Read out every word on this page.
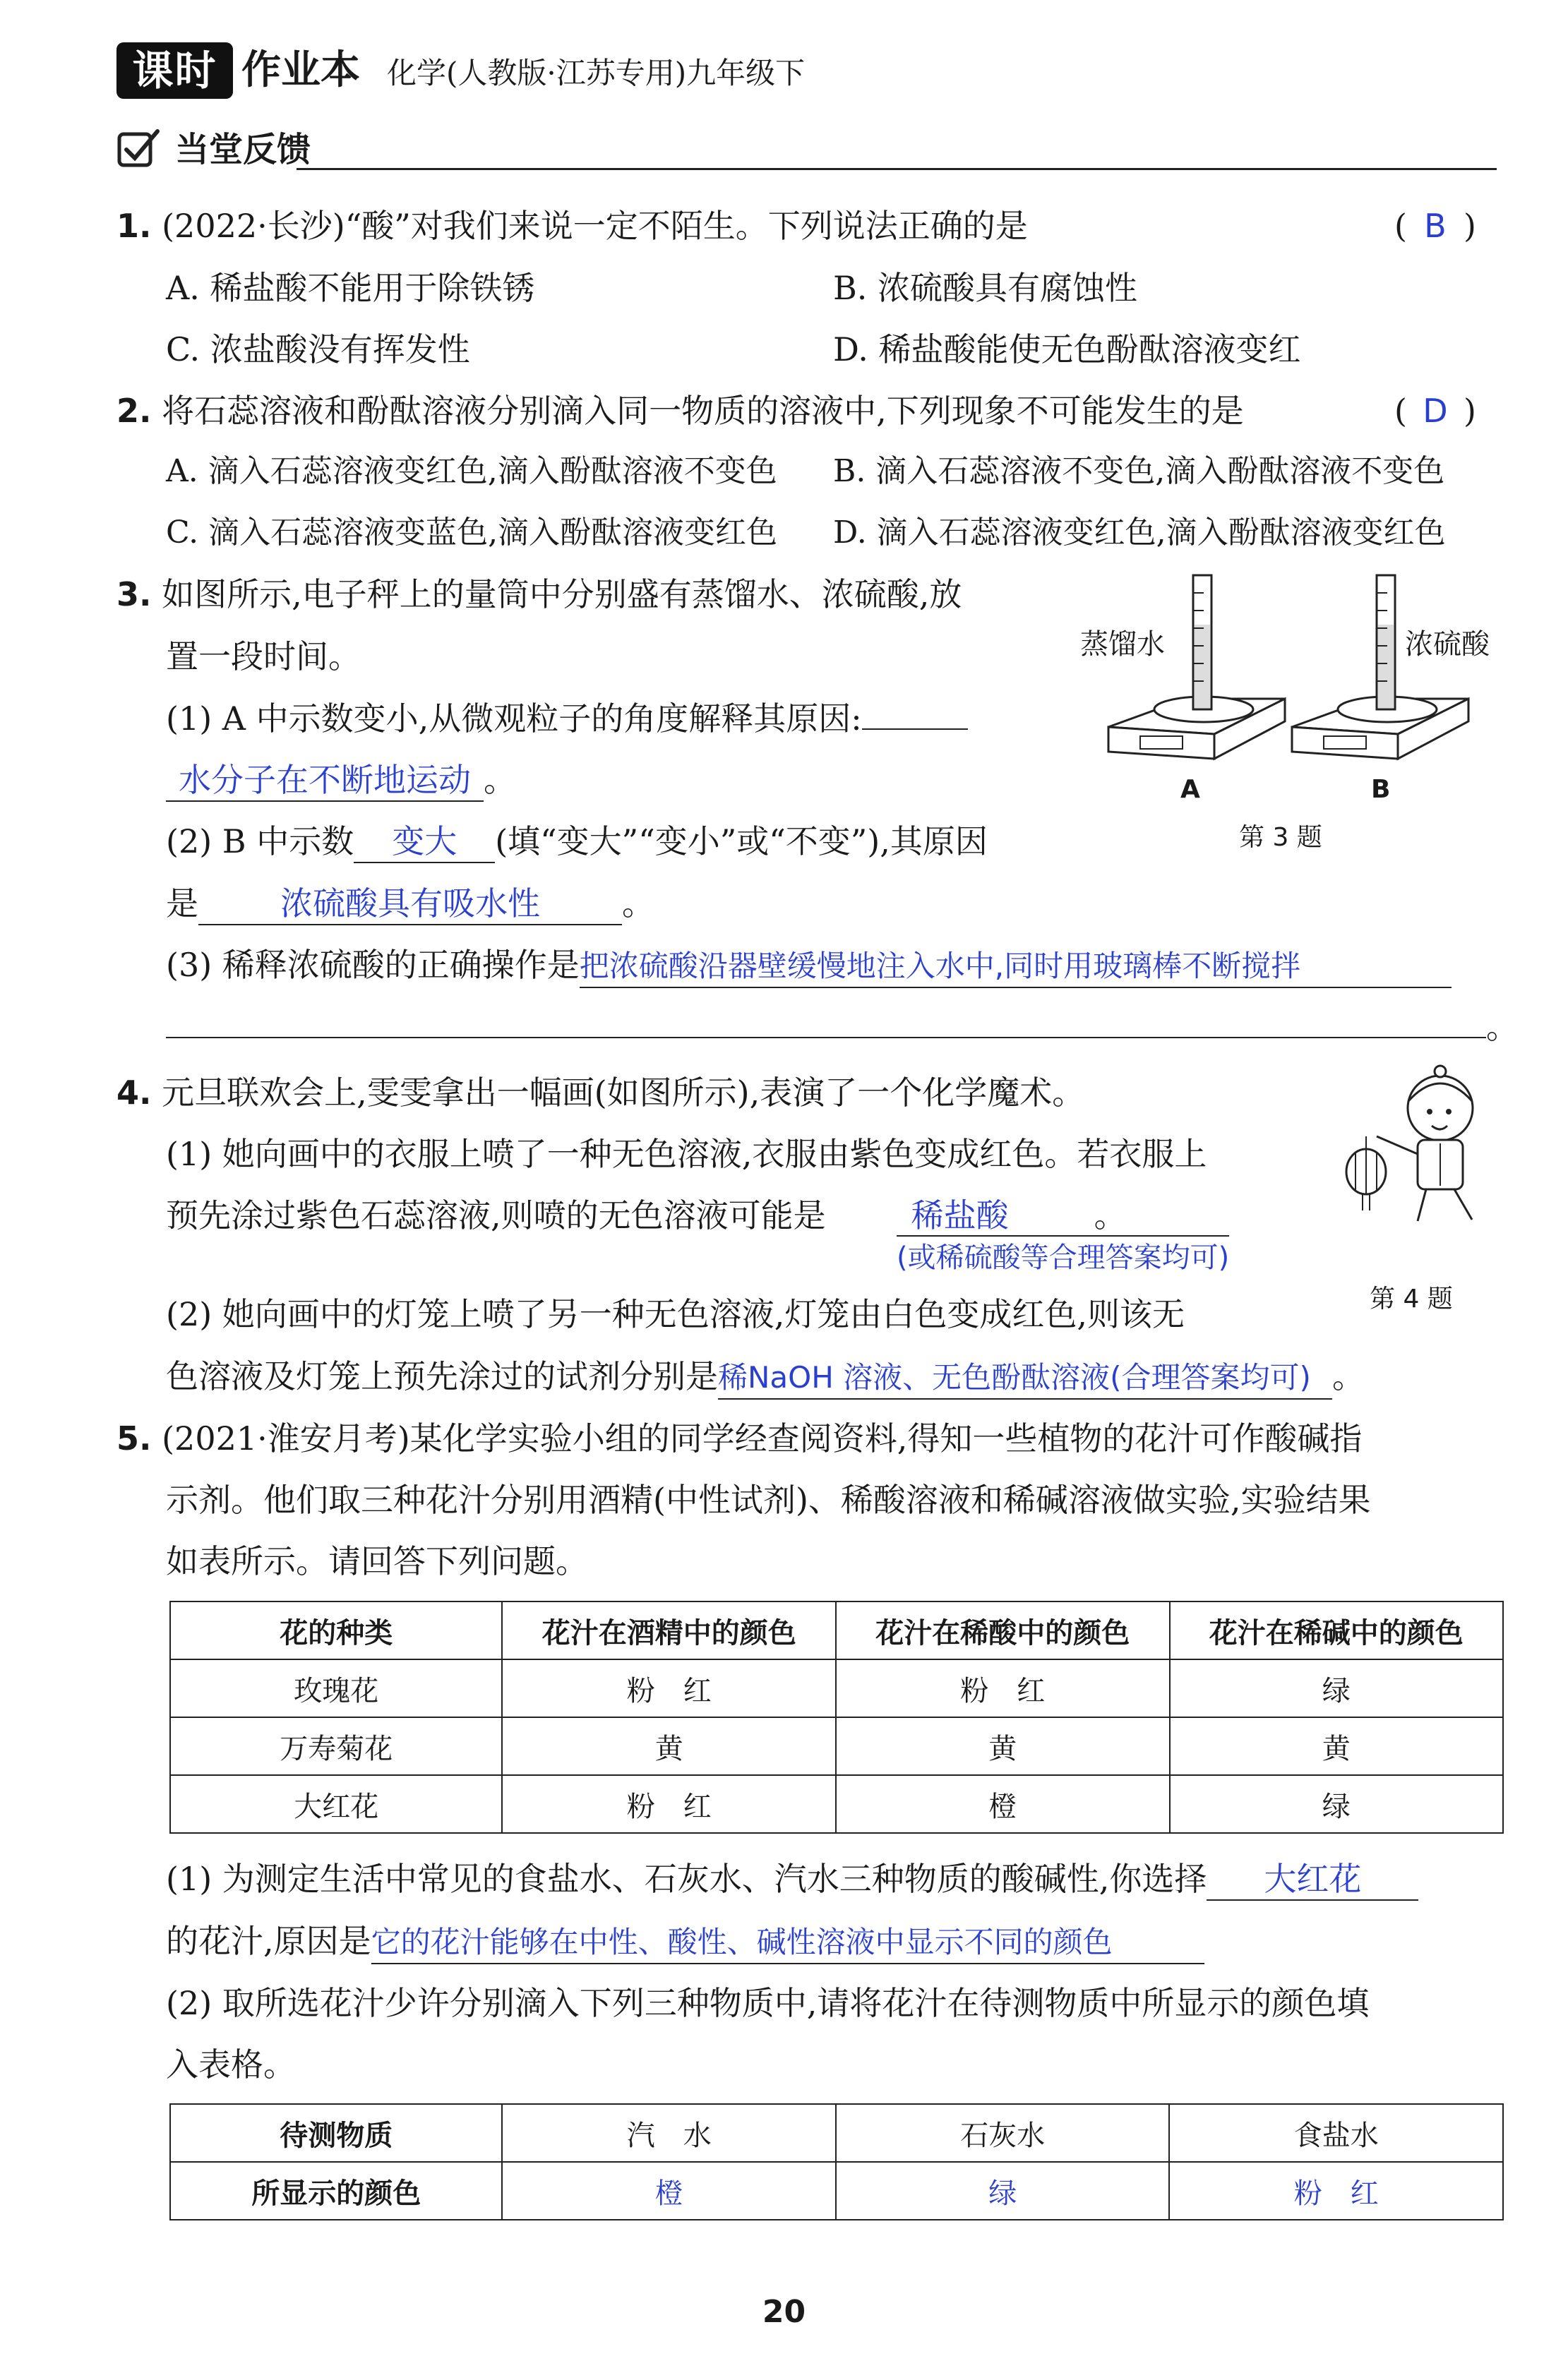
课时 作业本 化学(人教版·江苏专用)九年级下
当堂反馈
1. (2022·长沙)“酸”对我们来说一定不陌生。下列说法正确的是	( B )
A. 稀盐酸不能用于除铁锈	B. 浓硫酸具有腐蚀性
C. 浓盐酸没有挥发性	D. 稀盐酸能使无色酚酞溶液变红
2. 将石蕊溶液和酚酞溶液分别滴入同一物质的溶液中,下列现象不可能发生的是	( D )
A. 滴入石蕊溶液变红色,滴入酚酞溶液不变色 B. 滴入石蕊溶液不变色,滴入酚酞溶液不变色
C. 滴入石蕊溶液变蓝色,滴入酚酞溶液变红色 D. 滴入石蕊溶液变红色,滴入酚酞溶液变红色
3. 如图所示,电子秤上的量筒中分别盛有蒸馏水、浓硫酸,放
置一段时间。
(1) A 中示数变小,从微观粒子的角度解释其原因:
水分子在不断地运动 。
(2) B 中示数 变大 (填“变大”“变小”或“不变”),其原因
是	浓硫酸具有吸水性	。
(3) 稀释浓硫酸的正确操作是把浓硫酸沿器壁缓慢地注入水中,同时用玻璃棒不断搅拌
。
蒸馏水	浓硫酸
A	B
第 3 题
4. 元旦联欢会上,雯雯拿出一幅画(如图所示),表演了一个化学魔术。
(1) 她向画中的衣服上喷了一种无色溶液,衣服由紫色变成红色。若衣服上
预先涂过紫色石蕊溶液,则喷的无色溶液可能是	稀盐酸	。
(或稀硫酸等合理答案均可)
(2) 她向画中的灯笼上喷了另一种无色溶液,灯笼由白色变成红色,则该无
色溶液及灯笼上预先涂过的试剂分别是稀NaOH 溶液、无色酚酞溶液(合理答案均可) 。
第 4 题
5. (2021·淮安月考)某化学实验小组的同学经查阅资料,得知一些植物的花汁可作酸碱指
示剂。他们取三种花汁分别用酒精(中性试剂)、稀酸溶液和稀碱溶液做实验,实验结果
如表所示。请回答下列问题。
花的种类	花汁在酒精中的颜色	花汁在稀酸中的颜色	花汁在稀碱中的颜色
玫瑰花	粉　红	粉　红	绿
万寿菊花	黄	黄	黄
大红花	粉　红	橙	绿
(1) 为测定生活中常见的食盐水、石灰水、汽水三种物质的酸碱性,你选择 大红花
的花汁,原因是它的花汁能够在中性、酸性、碱性溶液中显示不同的颜色
(2) 取所选花汁少许分别滴入下列三种物质中,请将花汁在待测物质中所显示的颜色填
入表格。
待测物质	汽　水	石灰水	食盐水
所显示的颜色	橙	绿	粉　红
20
